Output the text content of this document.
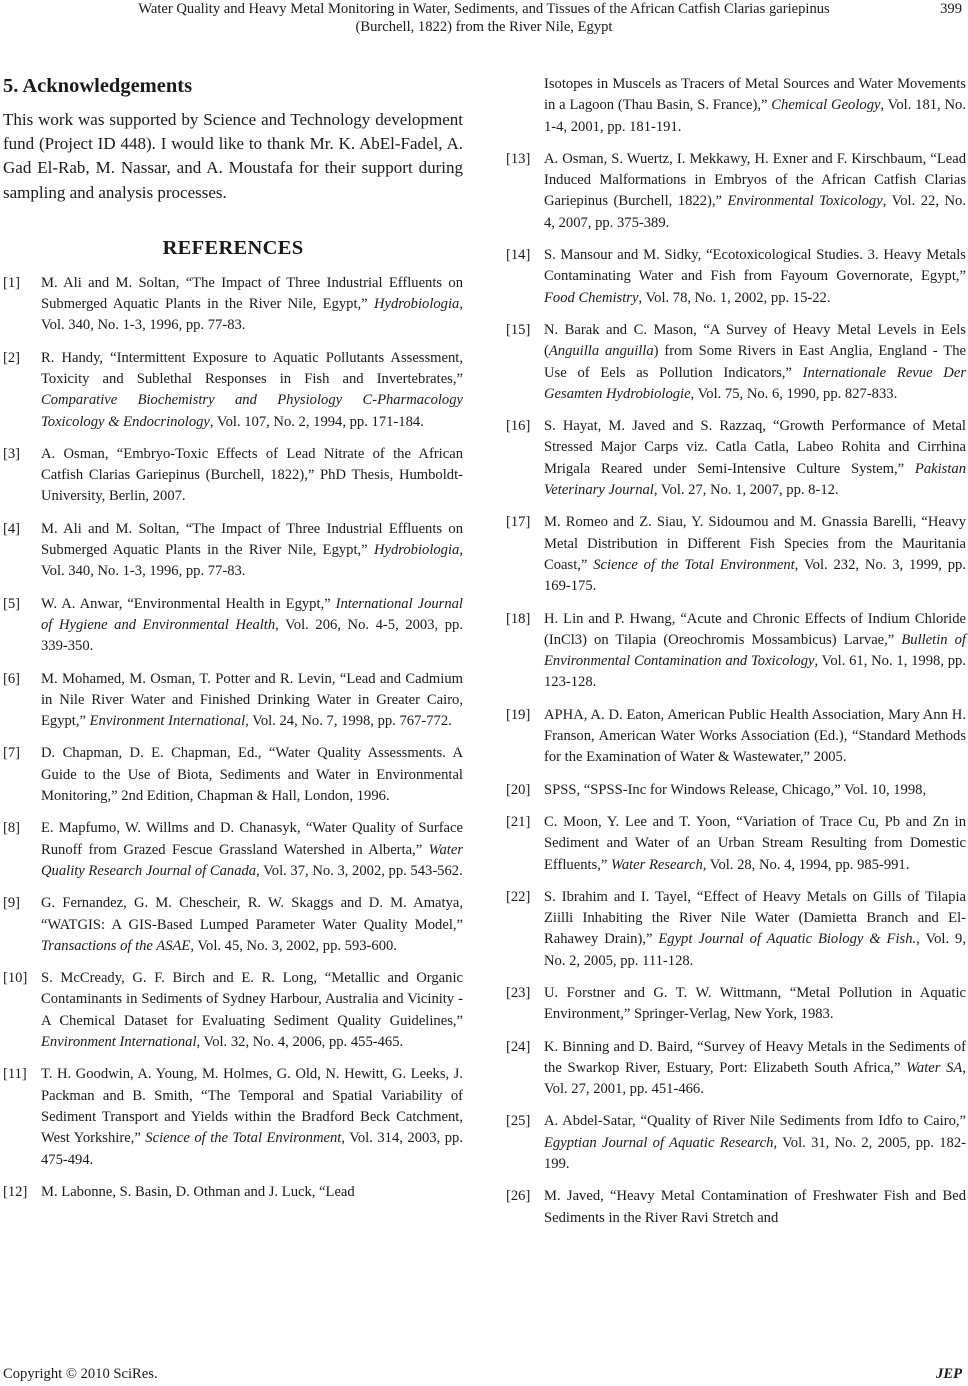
Water Quality and Heavy Metal Monitoring in Water, Sediments, and Tissues of the African Catfish Clarias gariepinus
(Burchell, 1822) from the River Nile, Egypt
399
5. Acknowledgements

This work was supported by Science and Technology development fund (Project ID 448). I would like to thank Mr. K. AbEl-Fadel, A. Gad El-Rab, M. Nassar, and A. Moustafa for their support during sampling and analysis processes.

REFERENCES
[1]	M. Ali and M. Soltan, “The Impact of Three Industrial Effluents on Submerged Aquatic Plants in the River Nile, Egypt,” Hydrobiologia, Vol. 340, No. 1-3, 1996, pp. 77-83.
[2]	R. Handy, “Intermittent Exposure to Aquatic Pollutants Assessment, Toxicity and Sublethal Responses in Fish and Invertebrates,” Comparative Biochemistry and Physiology C-Pharmacology Toxicology & Endocrinology, Vol. 107, No. 2, 1994, pp. 171-184.
[3]	A. Osman, “Embryo-Toxic Effects of Lead Nitrate of the African Catfish Clarias Gariepinus (Burchell, 1822),” PhD Thesis, Humboldt-University, Berlin, 2007.
[4]	M. Ali and M. Soltan, “The Impact of Three Industrial Effluents on Submerged Aquatic Plants in the River Nile, Egypt,” Hydrobiologia, Vol. 340, No. 1-3, 1996, pp. 77-83.
[5]	W. A. Anwar, “Environmental Health in Egypt,” International Journal of Hygiene and Environmental Health, Vol. 206, No. 4-5, 2003, pp. 339-350.
[6]	M. Mohamed, M. Osman, T. Potter and R. Levin, “Lead and Cadmium in Nile River Water and Finished Drinking Water in Greater Cairo, Egypt,” Environment International, Vol. 24, No. 7, 1998, pp. 767-772.
[7]	D. Chapman, D. E. Chapman, Ed., “Water Quality Assessments. A Guide to the Use of Biota, Sediments and Water in Environmental Monitoring,” 2nd Edition, Chapman & Hall, London, 1996.
[8]	E. Mapfumo, W. Willms and D. Chanasyk, “Water Quality of Surface Runoff from Grazed Fescue Grassland Watershed in Alberta,” Water Quality Research Journal of Canada, Vol. 37, No. 3, 2002, pp. 543-562.
[9]	G. Fernandez, G. M. Chescheir, R. W. Skaggs and D. M. Amatya, “WATGIS: A GIS-Based Lumped Parameter Water Quality Model,” Transactions of the ASAE, Vol. 45, No. 3, 2002, pp. 593-600.
[10] S. McCready, G. F. Birch and E. R. Long, “Metallic and Organic Contaminants in Sediments of Sydney Harbour, Australia and Vicinity - A Chemical Dataset for Evaluating Sediment Quality Guidelines,” Environment International, Vol. 32, No. 4, 2006, pp. 455-465.
[11] T. H. Goodwin, A. Young, M. Holmes, G. Old, N. Hewitt, G. Leeks, J. Packman and B. Smith, “The Temporal and Spatial Variability of Sediment Transport and Yields within the Bradford Beck Catchment, West Yorkshire,” Science of the Total Environment, Vol. 314, 2003, pp. 475-494.
[12] M. Labonne, S. Basin, D. Othman and J. Luck, “Lead
Isotopes in Muscels as Tracers of Metal Sources and Water Movements in a Lagoon (Thau Basin, S. France),” Chemical Geology, Vol. 181, No. 1-4, 2001, pp. 181-191.
[13] A. Osman, S. Wuertz, I. Mekkawy, H. Exner and F. Kirschbaum, “Lead Induced Malformations in Embryos of the African Catfish Clarias Gariepinus (Burchell, 1822),” Environmental Toxicology, Vol. 22, No. 4, 2007, pp. 375-389.
[14] S. Mansour and M. Sidky, “Ecotoxicological Studies. 3. Heavy Metals Contaminating Water and Fish from Fayoum Governorate, Egypt,” Food Chemistry, Vol. 78, No. 1, 2002, pp. 15-22.
[15] N. Barak and C. Mason, “A Survey of Heavy Metal Levels in Eels (Anguilla anguilla) from Some Rivers in East Anglia, England - The Use of Eels as Pollution Indicators,” Internationale Revue Der Gesamten Hydrobiologie, Vol. 75, No. 6, 1990, pp. 827-833.
[16] S. Hayat, M. Javed and S. Razzaq, “Growth Performance of Metal Stressed Major Carps viz. Catla Catla, Labeo Rohita and Cirrhina Mrigala Reared under Semi-Intensive Culture System,” Pakistan Veterinary Journal, Vol. 27, No. 1, 2007, pp. 8-12.
[17] M. Romeo and Z. Siau, Y. Sidoumou and M. Gnassia Barelli, “Heavy Metal Distribution in Different Fish Species from the Mauritania Coast,” Science of the Total Environment, Vol. 232, No. 3, 1999, pp. 169-175.
[18] H. Lin and P. Hwang, “Acute and Chronic Effects of Indium Chloride (InCl3) on Tilapia (Oreochromis Mossambicus) Larvae,” Bulletin of Environmental Contamination and Toxicology, Vol. 61, No. 1, 1998, pp. 123-128.
[19] APHA, A. D. Eaton, American Public Health Association, Mary Ann H. Franson, American Water Works Association (Ed.), “Standard Methods for the Examination of Water & Wastewater,” 2005.
[20] SPSS, “SPSS-Inc for Windows Release, Chicago,” Vol. 10, 1998,
[21] C. Moon, Y. Lee and T. Yoon, “Variation of Trace Cu, Pb and Zn in Sediment and Water of an Urban Stream Resulting from Domestic Effluents,” Water Research, Vol. 28, No. 4, 1994, pp. 985-991.
[22] S. Ibrahim and I. Tayel, “Effect of Heavy Metals on Gills of Tilapia Ziilli Inhabiting the River Nile Water (Damietta Branch and El-Rahawey Drain),” Egypt Journal of Aquatic Biology & Fish., Vol. 9, No. 2, 2005, pp. 111-128.
[23] U. Forstner and G. T. W. Wittmann, “Metal Pollution in Aquatic Environment,” Springer-Verlag, New York, 1983.
[24] K. Binning and D. Baird, “Survey of Heavy Metals in the Sediments of the Swarkop River, Estuary, Port: Elizabeth South Africa,” Water SA, Vol. 27, 2001, pp. 451-466.
[25] A. Abdel-Satar, “Quality of River Nile Sediments from Idfo to Cairo,” Egyptian Journal of Aquatic Research, Vol. 31, No. 2, 2005, pp. 182-199.
[26] M. Javed, “Heavy Metal Contamination of Freshwater Fish and Bed Sediments in the River Ravi Stretch and
Copyright © 2010 SciRes.	JEP
